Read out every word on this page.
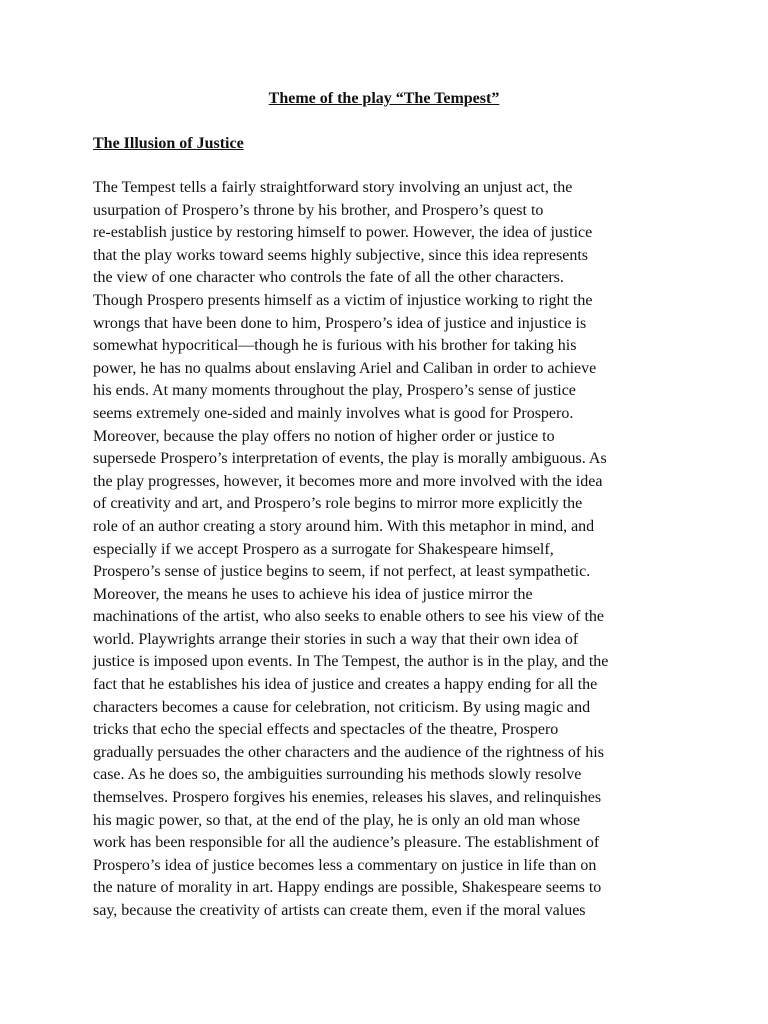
Theme of the play “The Tempest”
The Illusion of Justice
The Tempest tells a fairly straightforward story involving an unjust act, the
usurpation of Prospero’s throne by his brother, and Prospero’s quest to
re-establish justice by restoring himself to power. However, the idea of justice
that the play works toward seems highly subjective, since this idea represents
the view of one character who controls the fate of all the other characters.
Though Prospero presents himself as a victim of injustice working to right the
wrongs that have been done to him, Prospero’s idea of justice and injustice is
somewhat hypocritical—though he is furious with his brother for taking his
power, he has no qualms about enslaving Ariel and Caliban in order to achieve
his ends. At many moments throughout the play, Prospero’s sense of justice
seems extremely one-sided and mainly involves what is good for Prospero.
Moreover, because the play offers no notion of higher order or justice to
supersede Prospero’s interpretation of events, the play is morally ambiguous. As
the play progresses, however, it becomes more and more involved with the idea
of creativity and art, and Prospero’s role begins to mirror more explicitly the
role of an author creating a story around him. With this metaphor in mind, and
especially if we accept Prospero as a surrogate for Shakespeare himself,
Prospero’s sense of justice begins to seem, if not perfect, at least sympathetic.
Moreover, the means he uses to achieve his idea of justice mirror the
machinations of the artist, who also seeks to enable others to see his view of the
world. Playwrights arrange their stories in such a way that their own idea of
justice is imposed upon events. In The Tempest, the author is in the play, and the
fact that he establishes his idea of justice and creates a happy ending for all the
characters becomes a cause for celebration, not criticism. By using magic and
tricks that echo the special effects and spectacles of the theatre, Prospero
gradually persuades the other characters and the audience of the rightness of his
case. As he does so, the ambiguities surrounding his methods slowly resolve
themselves. Prospero forgives his enemies, releases his slaves, and relinquishes
his magic power, so that, at the end of the play, he is only an old man whose
work has been responsible for all the audience’s pleasure. The establishment of
Prospero’s idea of justice becomes less a commentary on justice in life than on
the nature of morality in art. Happy endings are possible, Shakespeare seems to
say, because the creativity of artists can create them, even if the moral values
